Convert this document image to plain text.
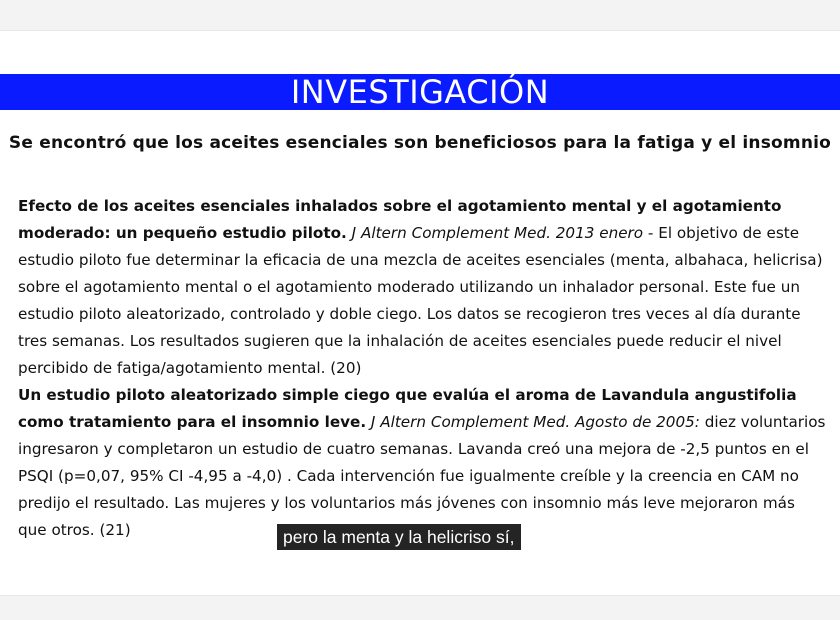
INVESTIGACIÓN
Se encontró que los aceites esenciales son beneficiosos para la fatiga y el insomnio

Efecto de los aceites esenciales inhalados sobre el agotamiento mental y el agotamiento moderado: un pequeño estudio piloto. J Altern Complement Med. 2013 enero - El objetivo de este estudio piloto fue determinar la eficacia de una mezcla de aceites esenciales (menta, albahaca, helicrisa) sobre el agotamiento mental o el agotamiento moderado utilizando un inhalador personal. Este fue un estudio piloto aleatorizado, controlado y doble ciego. Los datos se recogieron tres veces al día durante tres semanas. Los resultados sugieren que la inhalación de aceites esenciales puede reducir el nivel percibido de fatiga/agotamiento mental. (20)

Un estudio piloto aleatorizado simple ciego que evalúa el aroma de Lavandula angustifolia como tratamiento para el insomnio leve. J Altern Complement Med. Agosto de 2005: diez voluntarios ingresaron y completaron un estudio de cuatro semanas. Lavanda creó una mejora de -2,5 puntos en el PSQI (p=0,07, 95% CI -4,95 a -4,0) . Cada intervención fue igualmente creíble y la creencia en CAM no predijo el resultado. Las mujeres y los voluntarios más jóvenes con insomnio más leve mejoraron más que otros. (21)	pero la menta y la helicriso sí,
